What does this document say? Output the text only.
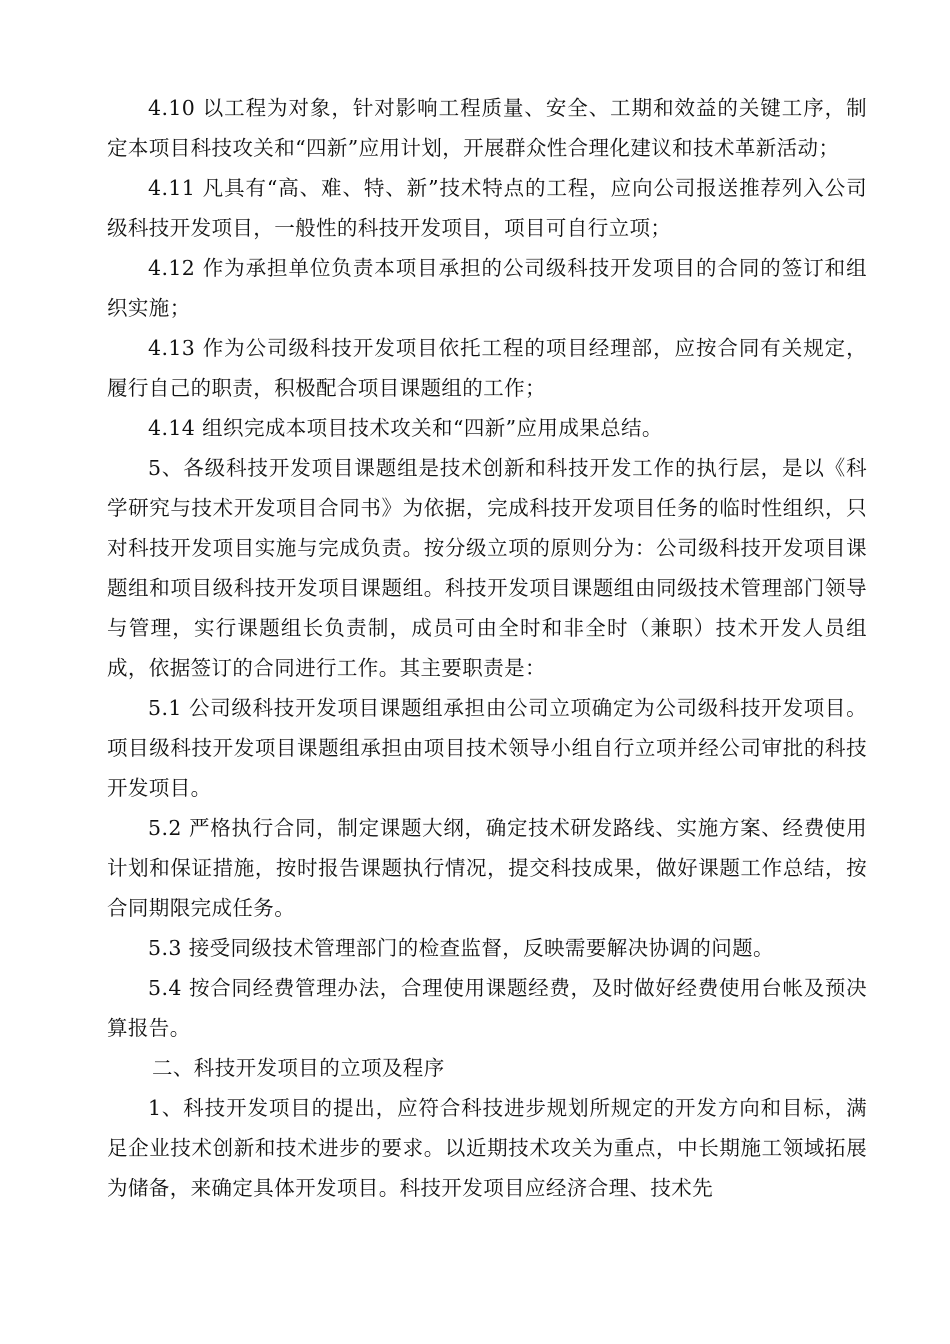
4.10 以工程为对象，针对影响工程质量、安全、工期和效益的关键工序，制定本项目科技攻关和“四新”应用计划，开展群众性合理化建议和技术革新活动；

4.11 凡具有“高、难、特、新”技术特点的工程，应向公司报送推荐列入公司级科技开发项目，一般性的科技开发项目，项目可自行立项；

4.12 作为承担单位负责本项目承担的公司级科技开发项目的合同的签订和组织实施；

4.13 作为公司级科技开发项目依托工程的项目经理部，应按合同有关规定，履行自己的职责，积极配合项目课题组的工作；

4.14 组织完成本项目技术攻关和“四新”应用成果总结。

5、各级科技开发项目课题组是技术创新和科技开发工作的执行层，是以《科学研究与技术开发项目合同书》为依据，完成科技开发项目任务的临时性组织，只对科技开发项目实施与完成负责。按分级立项的原则分为：公司级科技开发项目课题组和项目级科技开发项目课题组。科技开发项目课题组由同级技术管理部门领导与管理，实行课题组长负责制，成员可由全时和非全时（兼职）技术开发人员组成，依据签订的合同进行工作。其主要职责是：

5.1 公司级科技开发项目课题组承担由公司立项确定为公司级科技开发项目。项目级科技开发项目课题组承担由项目技术领导小组自行立项并经公司审批的科技开发项目。

5.2 严格执行合同，制定课题大纲，确定技术研发路线、实施方案、经费使用计划和保证措施，按时报告课题执行情况，提交科技成果，做好课题工作总结，按合同期限完成任务。

5.3 接受同级技术管理部门的检查监督，反映需要解决协调的问题。

5.4 按合同经费管理办法，合理使用课题经费，及时做好经费使用台帐及预决算报告。

二、科技开发项目的立项及程序

1、科技开发项目的提出，应符合科技进步规划所规定的开发方向和目标，满足企业技术创新和技术进步的要求。以近期技术攻关为重点，中长期施工领域拓展为储备，来确定具体开发项目。科技开发项目应经济合理、技术先
